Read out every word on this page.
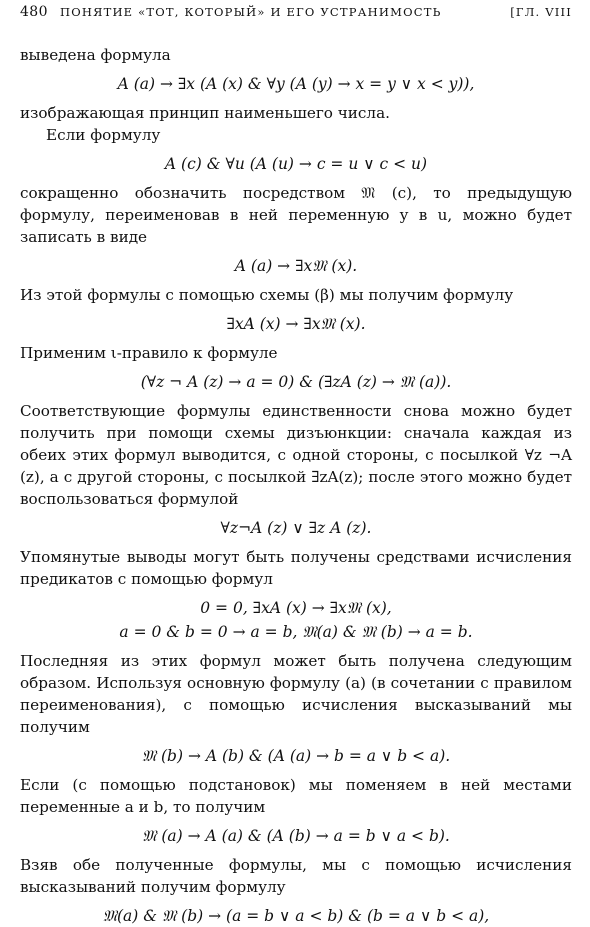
480	ПОНЯТИЕ «ТОТ, КОТОРЫЙ» И ЕГО УСТРАНИМОСТЬ	[ГЛ. VIII

выведена формула

A (a) → ∃x (A (x) & ∀y (A (y) → x = y ∨ x < y)),

изображающая принцип наименьшего числа.

Если формулу

A (c) & ∀u (A (u) → c = u ∨ c < u)

сокращенно обозначить посредством 𝔐 (c), то предыдущую формулу, переименовав в ней переменную y в u, можно будет записать в виде

A (a) → ∃x𝔐 (x).

Из этой формулы с помощью схемы (β) мы получим формулу

∃xA (x) → ∃x𝔐 (x).

Применим ι-правило к формуле

(∀z ¬ A (z) → a = 0) & (∃zA (z) → 𝔐 (a)).

Соответствующие формулы единственности снова можно будет получить при помощи схемы дизъюнкции: сначала каждая из обеих этих формул выводится, с одной стороны, с посылкой ∀z ¬A (z), а с другой стороны, с посылкой ∃zA(z); после этого можно будет воспользоваться формулой

∀z¬A (z) ∨ ∃z A (z).

Упомянутые выводы могут быть получены средствами исчисления предикатов с помощью формул

0 = 0, ∃xA (x) → ∃x𝔐 (x),
a = 0 & b = 0 → a = b, 𝔐(a) & 𝔐 (b) → a = b.

Последняя из этих формул может быть получена следующим образом. Используя основную формулу (a) (в сочетании с правилом переименования), с помощью исчисления высказываний мы получим

𝔐 (b) → A (b) & (A (a) → b = a ∨ b < a).

Если (с помощью подстановок) мы поменяем в ней местами переменные a и b, то получим

𝔐 (a) → A (a) & (A (b) → a = b ∨ a < b).

Взяв обе полученные формулы, мы с помощью исчисления высказываний получим формулу

𝔐(a) & 𝔐 (b) → (a = b ∨ a < b) & (b = a ∨ b < a),
